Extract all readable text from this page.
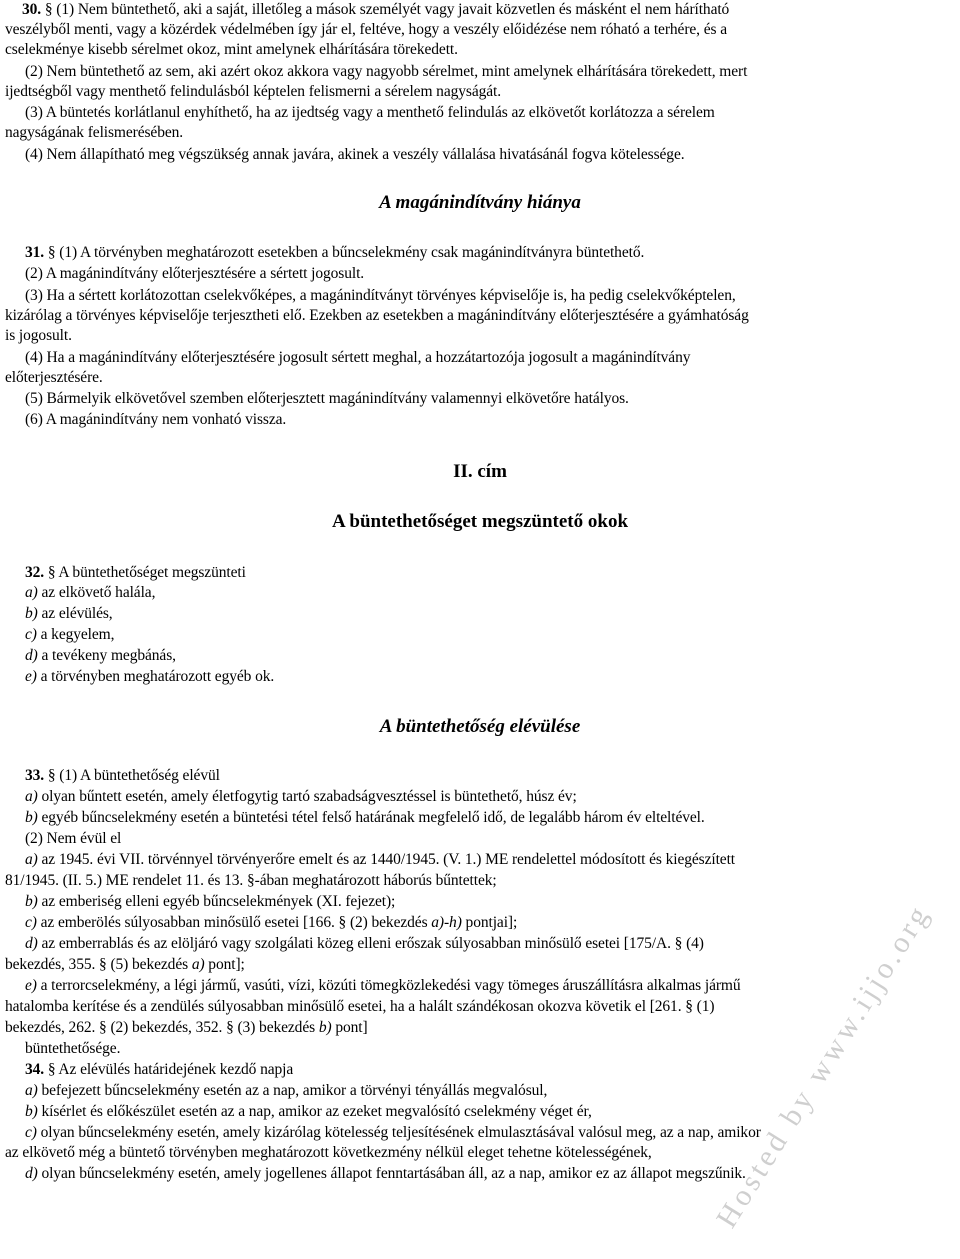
30. § (1) Nem büntethető, aki a saját, illetőleg a mások személyét vagy javait közvetlen és másként el nem hárítható
veszélyből menti, vagy a közérdek védelmében így jár el, feltéve, hogy a veszély előidézése nem róható a terhére, és a
cselekménye kisebb sérelmet okoz, mint amelynek elhárítására törekedett.
(2) Nem büntethető az sem, aki azért okoz akkora vagy nagyobb sérelmet, mint amelynek elhárítására törekedett, mert
ijedtségből vagy menthető felindulásból képtelen felismerni a sérelem nagyságát.
(3) A büntetés korlátlanul enyhíthető, ha az ijedtség vagy a menthető felindulás az elkövetőt korlátozza a sérelem
nagyságának felismerésében.
(4) Nem állapítható meg végszükség annak javára, akinek a veszély vállalása hivatásánál fogva kötelessége.
A magánindítvány hiánya
31. § (1) A törvényben meghatározott esetekben a bűncselekmény csak magánindítványra büntethető.
(2) A magánindítvány előterjesztésére a sértett jogosult.
(3) Ha a sértett korlátozottan cselekvőképes, a magánindítványt törvényes képviselője is, ha pedig cselekvőképtelen,
kizárólag a törvényes képviselője terjesztheti elő. Ezekben az esetekben a magánindítvány előterjesztésére a gyámhatóság
is jogosult.
(4) Ha a magánindítvány előterjesztésére jogosult sértett meghal, a hozzátartozója jogosult a magánindítvány
előterjesztésére.
(5) Bármelyik elkövetővel szemben előterjesztett magánindítvány valamennyi elkövetőre hatályos.
(6) A magánindítvány nem vonható vissza.
II. cím
A büntethetőséget megszüntető okok
32. § A büntethetőséget megszünteti
a) az elkövető halála,
b) az elévülés,
c) a kegyelem,
d) a tevékeny megbánás,
e) a törvényben meghatározott egyéb ok.
A büntethetőség elévülése
33. § (1) A büntethetőség elévül
a) olyan bűntett esetén, amely életfogytig tartó szabadságvesztéssel is büntethető, húsz év;
b) egyéb bűncselekmény esetén a büntetési tétel felső határának megfelelő idő, de legalább három év elteltével.
(2) Nem évül el
a) az 1945. évi VII. törvénnyel törvényerőre emelt és az 1440/1945. (V. 1.) ME rendelettel módosított és kiegészített
81/1945. (II. 5.) ME rendelet 11. és 13. §-ában meghatározott háborús bűntettek;
b) az emberiség elleni egyéb bűncselekmények (XI. fejezet);
c) az emberölés súlyosabban minősülő esetei [166. § (2) bekezdés a)-h) pontjai];
d) az emberrablás és az elöljáró vagy szolgálati közeg elleni erőszak súlyosabban minősülő esetei [175/A. § (4)
bekezdés, 355. § (5) bekezdés a) pont];
e) a terrorcselekmény, a légi jármű, vasúti, vízi, közúti tömegközlekedési vagy tömeges áruszállításra alkalmas jármű
hatalomba kerítése és a zendülés súlyosabban minősülő esetei, ha a halált szándékosan okozva követik el [261. § (1)
bekezdés, 262. § (2) bekezdés, 352. § (3) bekezdés b) pont]
büntethetősége.
34. § Az elévülés határidejének kezdő napja
a) befejezett bűncselekmény esetén az a nap, amikor a törvényi tényállás megvalósul,
b) kísérlet és előkészület esetén az a nap, amikor az ezeket megvalósító cselekmény véget ér,
c) olyan bűncselekmény esetén, amely kizárólag kötelesség teljesítésének elmulasztásával valósul meg, az a nap, amikor
az elkövető még a büntető törvényben meghatározott következmény nélkül eleget tehetne kötelességének,
d) olyan bűncselekmény esetén, amely jogellenes állapot fenntartásában áll, az a nap, amikor ez az állapot megszűnik.
Hosted by www.ijjo.org
